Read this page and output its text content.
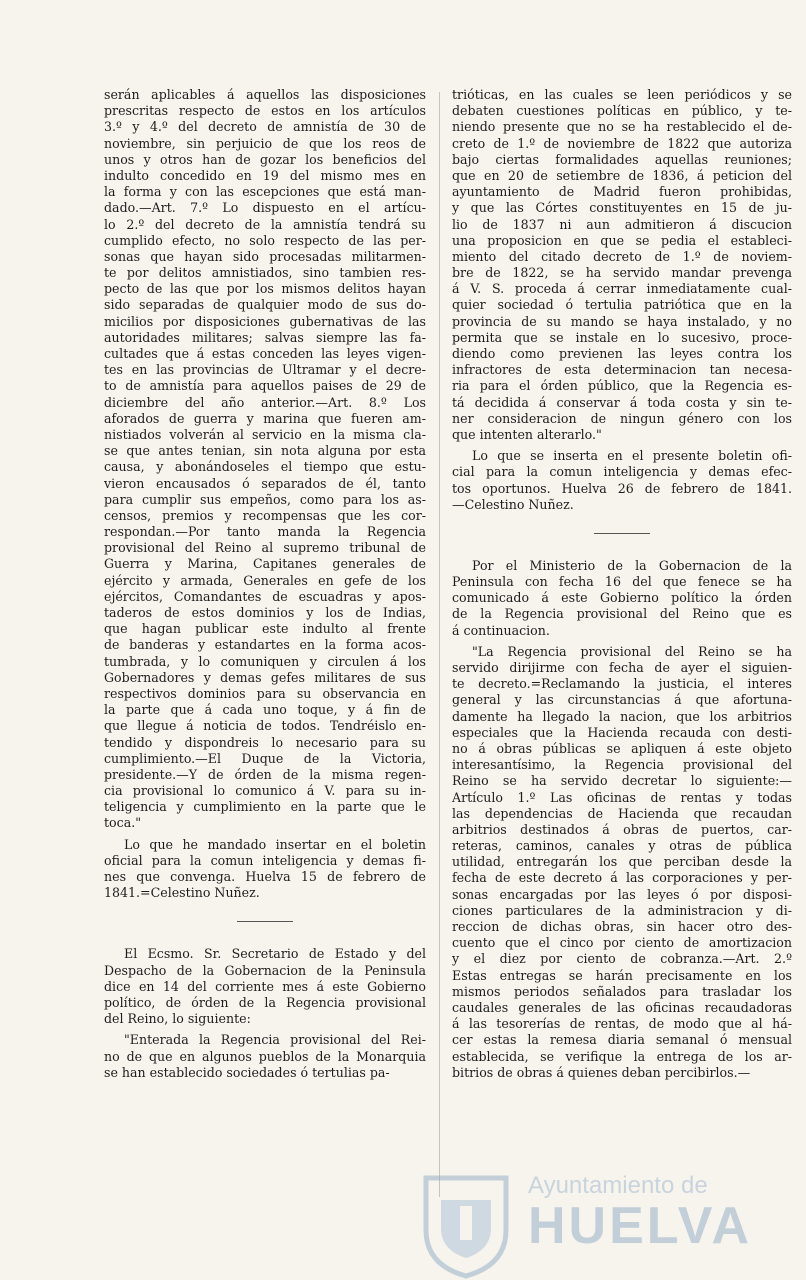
serán aplicables á aquellos las disposiciones
prescritas respecto de estos en los artículos
3.º y 4.º del decreto de amnistía de 30 de
noviembre, sin perjuicio de que los reos de
unos y otros han de gozar los beneficios del
indulto concedido en 19 del mismo mes en
la forma y con las escepciones que está man-
dado.—Art. 7.º Lo dispuesto en el artícu-
lo 2.º del decreto de la amnistía tendrá su
cumplido efecto, no solo respecto de las per-
sonas que hayan sido procesadas militarmen-
te por delitos amnistiados, sino tambien res-
pecto de las que por los mismos delitos hayan
sido separadas de qualquier modo de sus do-
micilios por disposiciones gubernativas de las
autoridades militares; salvas siempre las fa-
cultades que á estas conceden las leyes vigen-
tes en las provincias de Ultramar y el decre-
to de amnistía para aquellos paises de 29 de
diciembre del año anterior.—Art. 8.º Los
aforados de guerra y marina que fueren am-
nistiados volverán al servicio en la misma cla-
se que antes tenian, sin nota alguna por esta
causa, y abonándoseles el tiempo que estu-
vieron encausados ó separados de él, tanto
para cumplir sus empeños, como para los as-
censos, premios y recompensas que les cor-
respondan.—Por tanto manda la Regencia
provisional del Reino al supremo tribunal de
Guerra y Marina, Capitanes generales de
ejército y armada, Generales en gefe de los
ejércitos, Comandantes de escuadras y apos-
taderos de estos dominios y los de Indias,
que hagan publicar este indulto al frente
de banderas y estandartes en la forma acos-
tumbrada, y lo comuniquen y circulen á los
Gobernadores y demas gefes militares de sus
respectivos dominios para su observancia en
la parte que á cada uno toque, y á fin de
que llegue á noticia de todos. Tendréislo en-
tendido y dispondreis lo necesario para su
cumplimiento.—El Duque de la Victoria,
presidente.—Y de órden de la misma regen-
cia provisional lo comunico á V. para su in-
teligencia y cumplimiento en la parte que le
toca."
Lo que he mandado insertar en el boletin
oficial para la comun inteligencia y demas fi-
nes que convenga. Huelva 15 de febrero de
1841.=Celestino Nuñez.
El Ecsmo. Sr. Secretario de Estado y del
Despacho de la Gobernacion de la Peninsula
dice en 14 del corriente mes á este Gobierno
político, de órden de la Regencia provisional
del Reino, lo siguiente:
"Enterada la Regencia provisional del Rei-
no de que en algunos pueblos de la Monarquia
se han establecido sociedades ó tertulias pa-
trióticas, en las cuales se leen periódicos y se
debaten cuestiones políticas en público, y te-
niendo presente que no se ha restablecido el de-
creto de 1.º de noviembre de 1822 que autoriza
bajo ciertas formalidades aquellas reuniones;
que en 20 de setiembre de 1836, á peticion del
ayuntamiento de Madrid fueron prohibidas,
y que las Córtes constituyentes en 15 de ju-
lio de 1837 ni aun admitieron á discucion
una proposicion en que se pedia el estableci-
miento del citado decreto de 1.º de noviem-
bre de 1822, se ha servido mandar prevenga
á V. S. proceda á cerrar inmediatamente cual-
quier sociedad ó tertulia patriótica que en la
provincia de su mando se haya instalado, y no
permita que se instale en lo sucesivo, proce-
diendo como previenen las leyes contra los
infractores de esta determinacion tan necesa-
ria para el órden público, que la Regencia es-
tá decidida á conservar á toda costa y sin te-
ner consideracion de ningun género con los
que intenten alterarlo."
Lo que se inserta en el presente boletin ofi-
cial para la comun inteligencia y demas efec-
tos oportunos. Huelva 26 de febrero de 1841.
—Celestino Nuñez.
Por el Ministerio de la Gobernacion de la
Peninsula con fecha 16 del que fenece se ha
comunicado á este Gobierno político la órden
de la Regencia provisional del Reino que es
á continuacion.
"La Regencia provisional del Reino se ha
servido dirijirme con fecha de ayer el siguien-
te decreto.=Reclamando la justicia, el interes
general y las circunstancias á que afortuna-
damente ha llegado la nacion, que los arbitrios
especiales que la Hacienda recauda con desti-
no á obras públicas se apliquen á este objeto
interesantísimo, la Regencia provisional del
Reino se ha servido decretar lo siguiente:—
Artículo 1.º Las oficinas de rentas y todas
las dependencias de Hacienda que recaudan
arbitrios destinados á obras de puertos, car-
reteras, caminos, canales y otras de pública
utilidad, entregarán los que perciban desde la
fecha de este decreto á las corporaciones y per-
sonas encargadas por las leyes ó por disposi-
ciones particulares de la administracion y di-
reccion de dichas obras, sin hacer otro des-
cuento que el cinco por ciento de amortizacion
y el diez por ciento de cobranza.—Art. 2.º
Estas entregas se harán precisamente en los
mismos periodos señalados para trasladar los
caudales generales de las oficinas recaudadoras
á las tesorerías de rentas, de modo que al há-
cer estas la remesa diaria semanal ó mensual
establecida, se verifique la entrega de los ar-
bitrios de obras á quienes deban percibirlos.—
Ayuntamiento de
HUELVA
